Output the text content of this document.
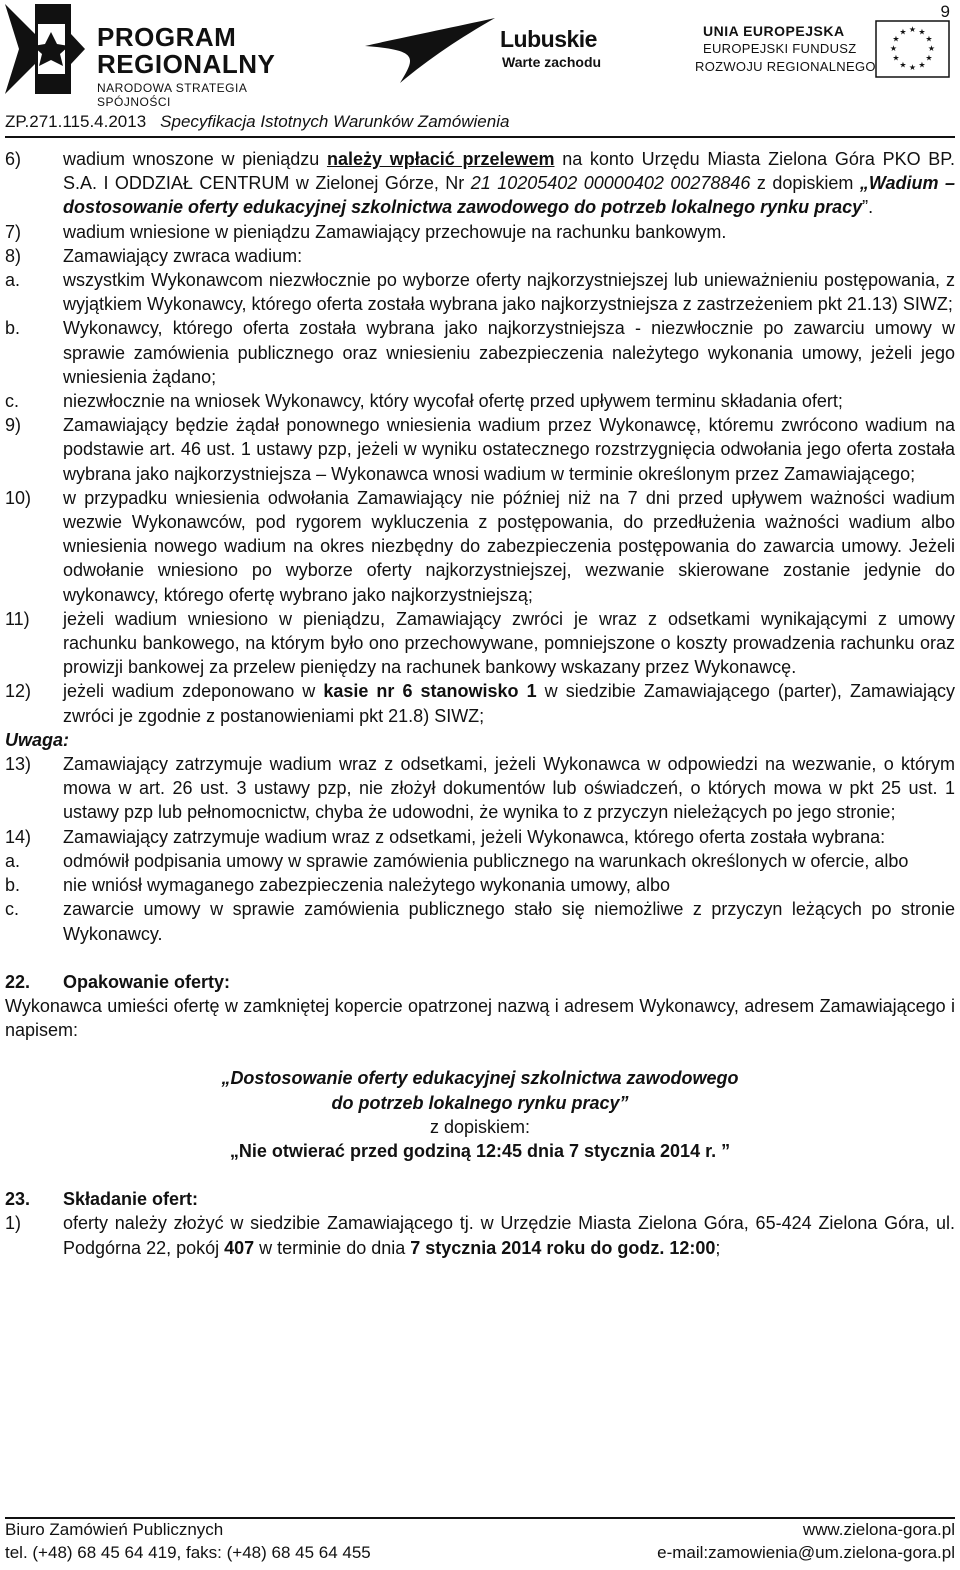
9
PROGRAM
REGIONALNY
NARODOWA STRATEGIA SPÓJNOŚCI
Lubuskie
Warte zachodu
UNIA EUROPEJSKA
EUROPEJSKI FUNDUSZ
ROZWOJU REGIONALNEGO
★ ★
★
★
★
★
★
★
★
★
★
★
ZP.271.115.4.2013 Specyfikacja Istotnych Warunków Zamówienia
6)	wadium wnoszone w pieniądzu należy wpłacić przelewem na konto Urzędu Miasta Zielona Góra PKO BP. S.A. I ODDZIAŁ CENTRUM w Zielonej Górze, Nr 21 10205402 00000402 00278846 z dopiskiem „Wadium – dostosowanie oferty edukacyjnej szkolnictwa zawodowego do potrzeb lokalnego rynku pracy”.
7)	wadium wniesione w pieniądzu Zamawiający przechowuje na rachunku bankowym.
8)	Zamawiający zwraca wadium:
a.	wszystkim Wykonawcom niezwłocznie po wyborze oferty najkorzystniejszej lub unieważnieniu postępowania, z wyjątkiem Wykonawcy, którego oferta została wybrana jako najkorzystniejsza z zastrzeżeniem pkt 21.13) SIWZ;
b.	Wykonawcy, którego oferta została wybrana jako najkorzystniejsza - niezwłocznie po zawarciu umowy w sprawie zamówienia publicznego oraz wniesieniu zabezpieczenia należytego wykonania umowy, jeżeli jego wniesienia żądano;
c.	niezwłocznie na wniosek Wykonawcy, który wycofał ofertę przed upływem terminu składania ofert;
9)	Zamawiający będzie żądał ponownego wniesienia wadium przez Wykonawcę, któremu zwrócono wadium na podstawie art. 46 ust. 1 ustawy pzp, jeżeli w wyniku ostatecznego rozstrzygnięcia odwołania jego oferta została wybrana jako najkorzystniejsza – Wykonawca wnosi wadium w terminie określonym przez Zamawiającego;
10)	w przypadku wniesienia odwołania Zamawiający nie później niż na 7 dni przed upływem ważności wadium wezwie Wykonawców, pod rygorem wykluczenia z postępowania, do przedłużenia ważności wadium albo wniesienia nowego wadium na okres niezbędny do zabezpieczenia postępowania do zawarcia umowy. Jeżeli odwołanie wniesiono po wyborze oferty najkorzystniejszej, wezwanie skierowane zostanie jedynie do wykonawcy, którego ofertę wybrano jako najkorzystniejszą;
11)	jeżeli wadium wniesiono w pieniądzu, Zamawiający zwróci je wraz z odsetkami wynikającymi z umowy rachunku bankowego, na którym było ono przechowywane, pomniejszone o koszty prowadzenia rachunku oraz prowizji bankowej za przelew pieniędzy na rachunek bankowy wskazany przez Wykonawcę.
12)	jeżeli wadium zdeponowano w kasie nr 6 stanowisko 1 w siedzibie Zamawiającego (parter), Zamawiający zwróci je zgodnie z postanowieniami pkt 21.8) SIWZ;
Uwaga:
13)	Zamawiający zatrzymuje wadium wraz z odsetkami, jeżeli Wykonawca w odpowiedzi na wezwanie, o którym mowa w art. 26 ust. 3 ustawy pzp, nie złożył dokumentów lub oświadczeń, o których mowa w pkt 25 ust. 1 ustawy pzp lub pełnomocnictw, chyba że udowodni, że wynika to z przyczyn nieleżących po jego stronie;
14)	Zamawiający zatrzymuje wadium wraz z odsetkami, jeżeli Wykonawca, którego oferta została wybrana:
a.	odmówił podpisania umowy w sprawie zamówienia publicznego na warunkach określonych w ofercie, albo
b.	nie wniósł wymaganego zabezpieczenia należytego wykonania umowy, albo
c.	zawarcie umowy w sprawie zamówienia publicznego stało się niemożliwe z przyczyn leżących po stronie Wykonawcy.
22.	Opakowanie oferty:
Wykonawca umieści ofertę w zamkniętej kopercie opatrzonej nazwą i adresem Wykonawcy, adresem Zamawiającego i napisem:
„Dostosowanie oferty edukacyjnej szkolnictwa zawodowego
do potrzeb lokalnego rynku pracy”
z dopiskiem:
„Nie otwierać przed godziną 12:45 dnia 7 stycznia 2014 r. ”
23.	Składanie ofert:
1)	oferty należy złożyć w siedzibie Zamawiającego tj. w Urzędzie Miasta Zielona Góra, 65-424 Zielona Góra, ul. Podgórna 22, pokój 407 w terminie do dnia 7 stycznia 2014 roku do godz. 12:00;
Biuro Zamówień Publicznych	www.zielona-gora.pl
tel. (+48) 68 45 64 419, faks: (+48) 68 45 64 455	e-mail:zamowienia@um.zielona-gora.pl
